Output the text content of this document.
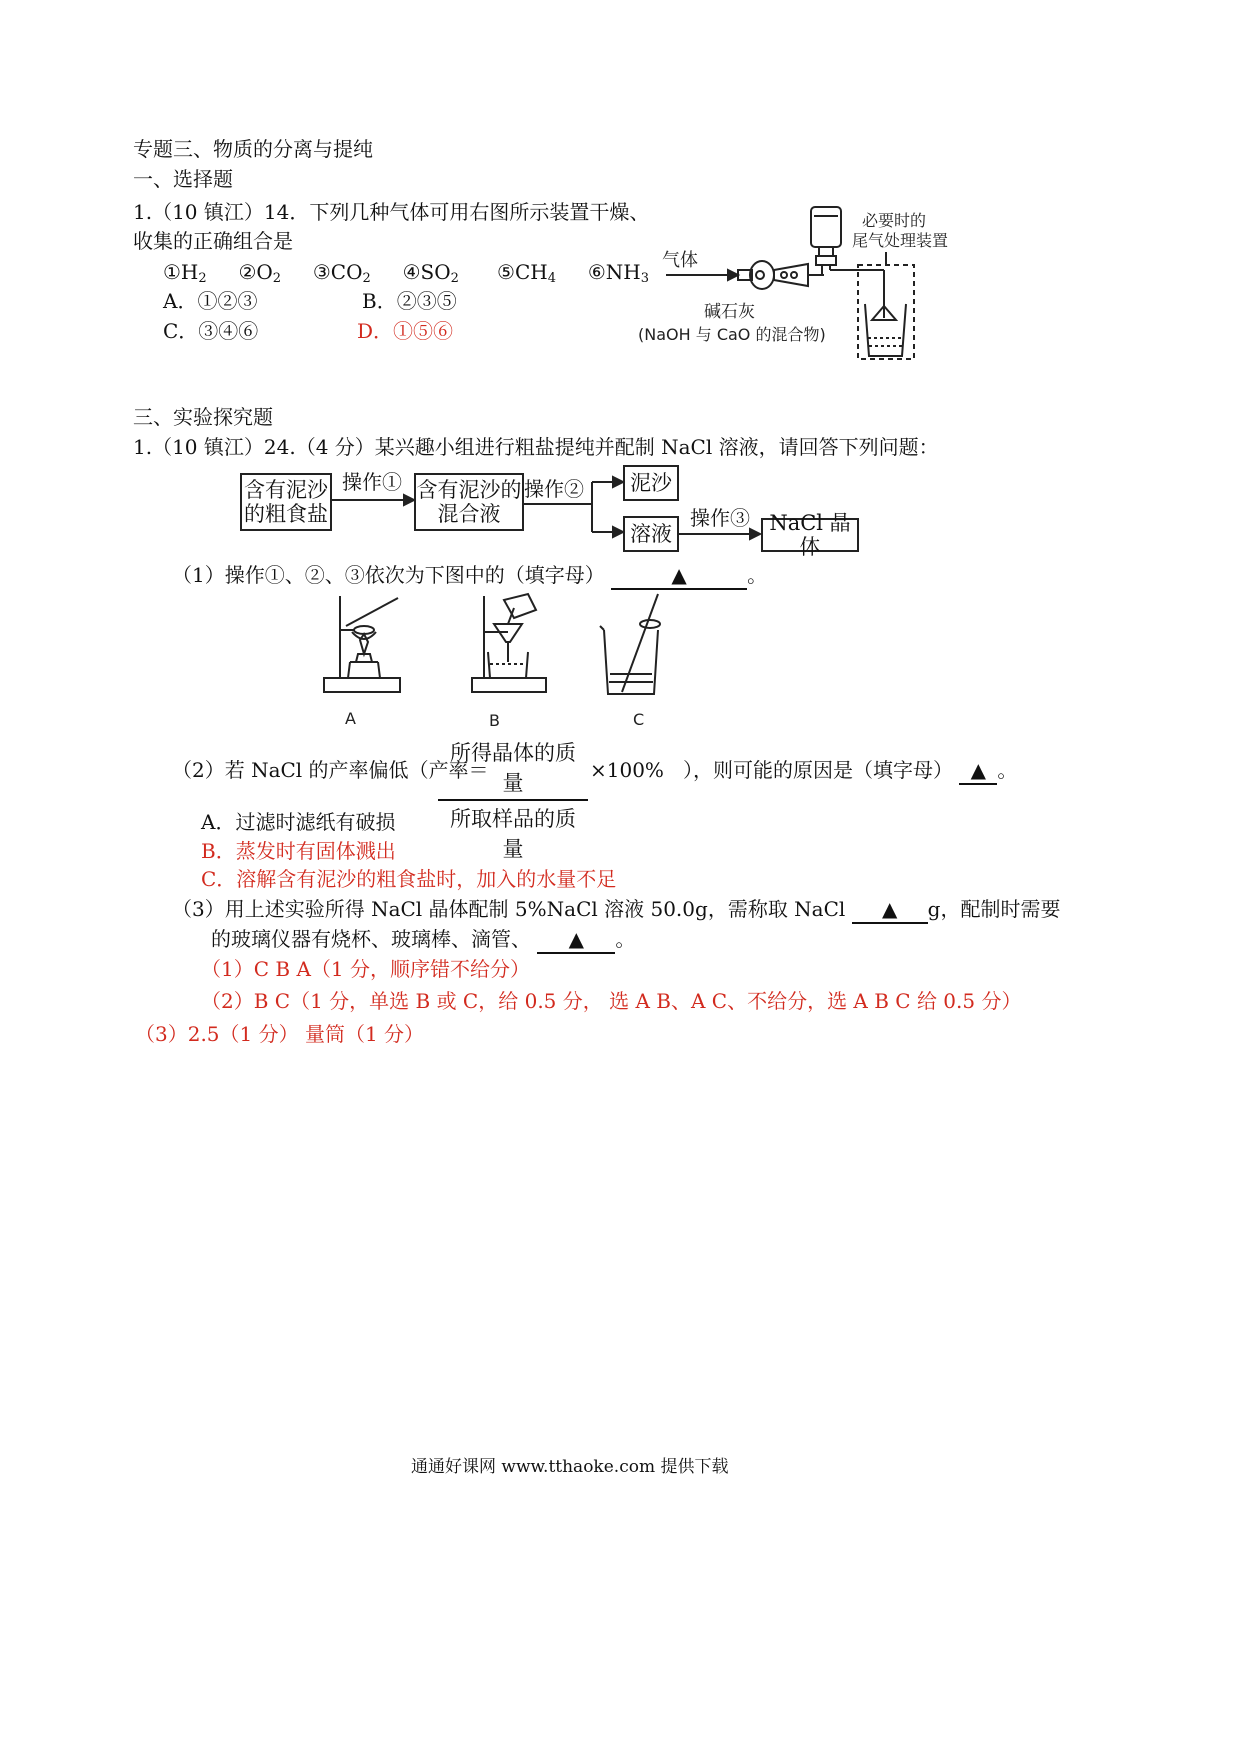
专题三、物质的分离与提纯
一、选择题
1.（10 镇江）14．下列几种气体可用右图所示装置干燥、
收集的正确组合是
$①H_2$ $②O_2$ $③CO_2$ $④SO_2$ $⑤CH_4$ $⑥NH_3$
A．①②③	B．②③⑤
C．③④⑥	D．①⑤⑥
气体
碱石灰
(NaOH 与 CaO 的混合物)
必要时的
尾气处理装置
三、实验探究题
1.（10 镇江）24.（4 分）某兴趣小组进行粗盐提纯并配制 NaCl 溶液，请回答下列问题：
含有泥沙
的粗食盐
操作① 含有泥沙的
混合液
操作②	泥沙
溶液
操作③ NaCl 晶体
（1）操作①、②、③依次为下图中的（填字母）	▲	。
A	B	C
（2）若 NaCl 的产率偏低（产率＝
所得晶体的质量
所取样品的质量
×100% ），则可能的原因是（填字母） ▲ 。
A．过滤时滤纸有破损
B．蒸发时有固体溅出
C．溶解含有泥沙的粗食盐时，加入的水量不足
（3）用上述实验所得 NaCl 晶体配制 5%NaCl 溶液 50.0g，需称取 NaCl ▲ g，配制时需要
的玻璃仪器有烧杯、玻璃棒、滴管、 ▲ 。
（1）C B A（1 分，顺序错不给分）
（2）B C（1 分，单选 B 或 C，给 0.5 分， 选 A B、A C、不给分，选 A B C 给 0.5 分）
（3）2.5（1 分） 量筒（1 分）
通通好课网 www.tthaoke.com 提供下载
